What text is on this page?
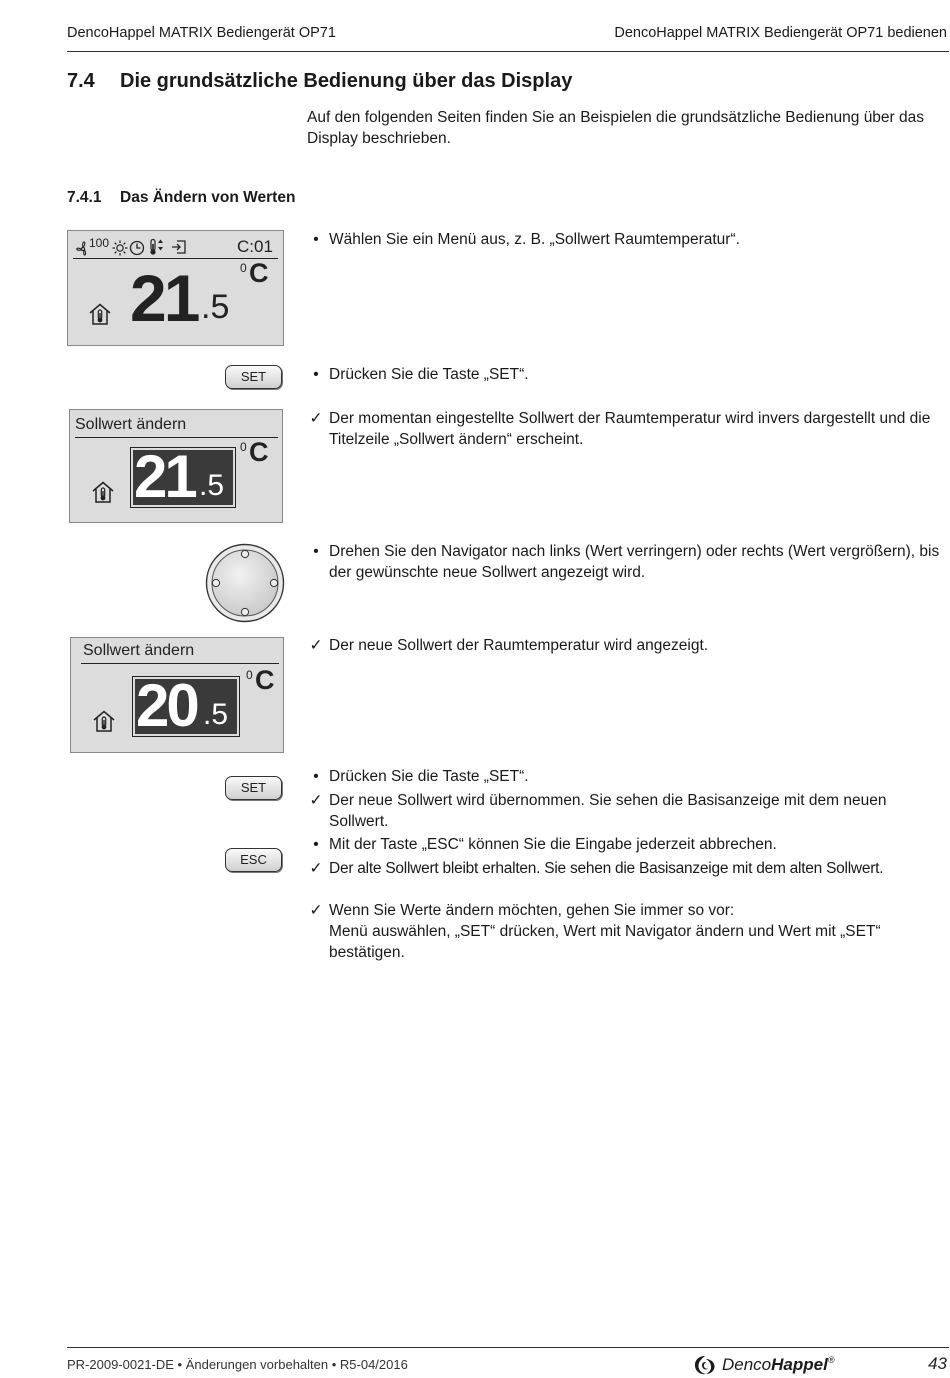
DencoHappel MATRIX Bediengerät OP71	DencoHappel MATRIX Bediengerät OP71 bedienen
7.4 Die grundsätzliche Bedienung über das Display
Auf den folgenden Seiten finden Sie an Beispielen die grundsätzliche Bedienung über das Display beschrieben.
7.4.1 Das Ändern von Werten
100	C:01
0 C
21 .5
SET
Sollwert ändern
0 C
21 .5
Sollwert ändern
0 C
20 .5
SET
ESC
• Wählen Sie ein Menü aus, z. B. „Sollwert Raumtemperatur“.
• Drücken Sie die Taste „SET“.
✓ Der momentan eingestellte Sollwert der Raumtemperatur wird invers dargestellt und die Titelzeile „Sollwert ändern“ erscheint.
• Drehen Sie den Navigator nach links (Wert verringern) oder rechts (Wert vergrößern), bis der gewünschte neue Sollwert angezeigt wird.
✓ Der neue Sollwert der Raumtemperatur wird angezeigt.
• Drücken Sie die Taste „SET“.
✓ Der neue Sollwert wird übernommen. Sie sehen die Basisanzeige mit dem neuen Sollwert.
• Mit der Taste „ESC“ können Sie die Eingabe jederzeit abbrechen.
✓ Der alte Sollwert bleibt erhalten. Sie sehen die Basisanzeige mit dem alten Sollwert.
✓ Wenn Sie Werte ändern möchten, gehen Sie immer so vor:
Menü auswählen, „SET“ drücken, Wert mit Navigator ändern und Wert mit „SET“ bestätigen.
PR-2009-0021-DE • Änderungen vorbehalten • R5-04/2016	DencoHappel®	43
